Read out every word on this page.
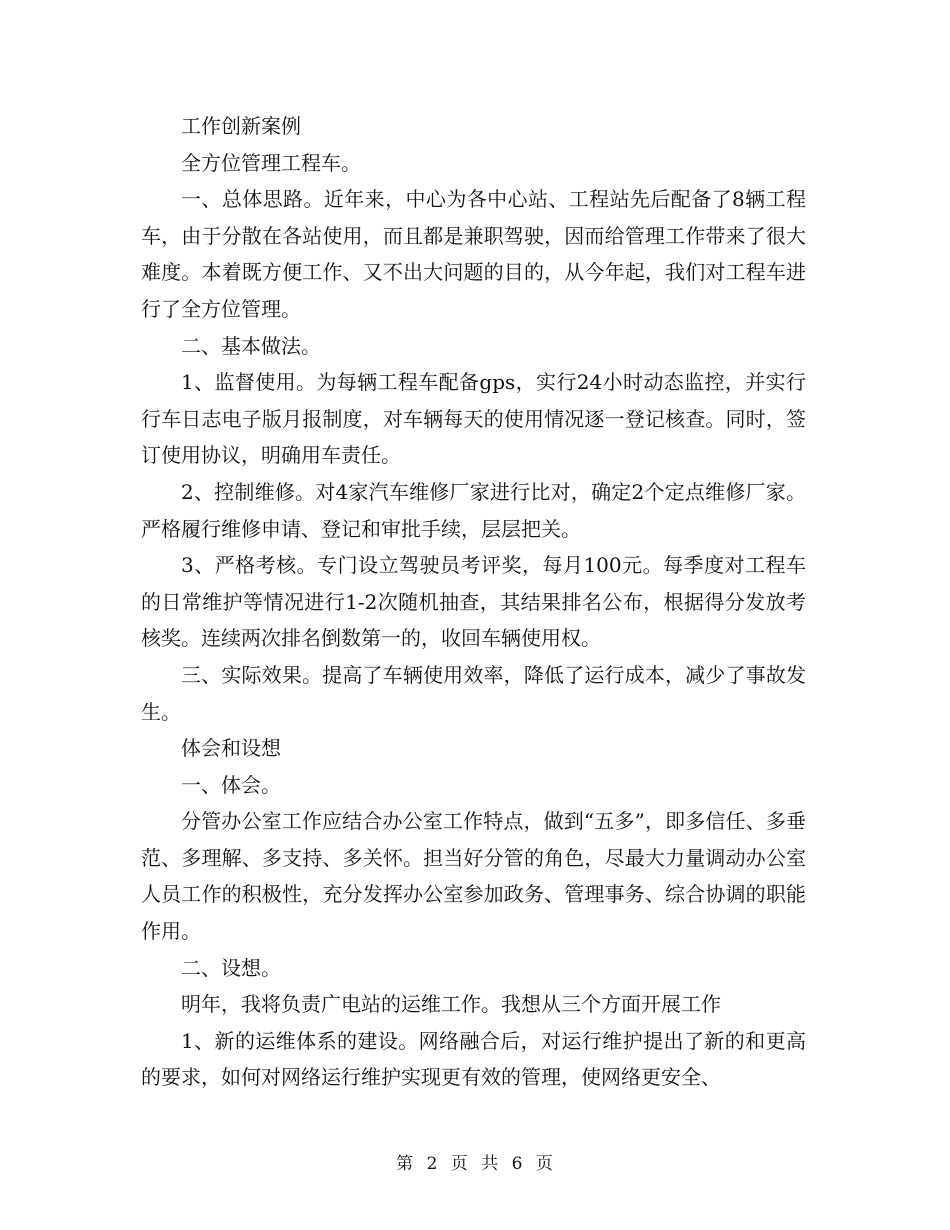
工作创新案例

全方位管理工程车。

一、总体思路。近年来，中心为各中心站、工程站先后配备了8辆工程车，由于分散在各站使用，而且都是兼职驾驶，因而给管理工作带来了很大难度。本着既方便工作、又不出大问题的目的，从今年起，我们对工程车进行了全方位管理。

二、基本做法。

1、监督使用。为每辆工程车配备gps，实行24小时动态监控，并实行行车日志电子版月报制度，对车辆每天的使用情况逐一登记核查。同时，签订使用协议，明确用车责任。

2、控制维修。对4家汽车维修厂家进行比对，确定2个定点维修厂家。严格履行维修申请、登记和审批手续，层层把关。

3、严格考核。专门设立驾驶员考评奖，每月100元。每季度对工程车的日常维护等情况进行1-2次随机抽查，其结果排名公布，根据得分发放考核奖。连续两次排名倒数第一的，收回车辆使用权。

三、实际效果。提高了车辆使用效率，降低了运行成本，减少了事故发生。

体会和设想

一、体会。

分管办公室工作应结合办公室工作特点，做到“五多”，即多信任、多垂范、多理解、多支持、多关怀。担当好分管的角色，尽最大力量调动办公室人员工作的积极性，充分发挥办公室参加政务、管理事务、综合协调的职能作用。

二、设想。

明年，我将负责广电站的运维工作。我想从三个方面开展工作

1、新的运维体系的建设。网络融合后，对运行维护提出了新的和更高的要求，如何对网络运行维护实现更有效的管理，使网络更安全、

第 2 页 共 6 页
